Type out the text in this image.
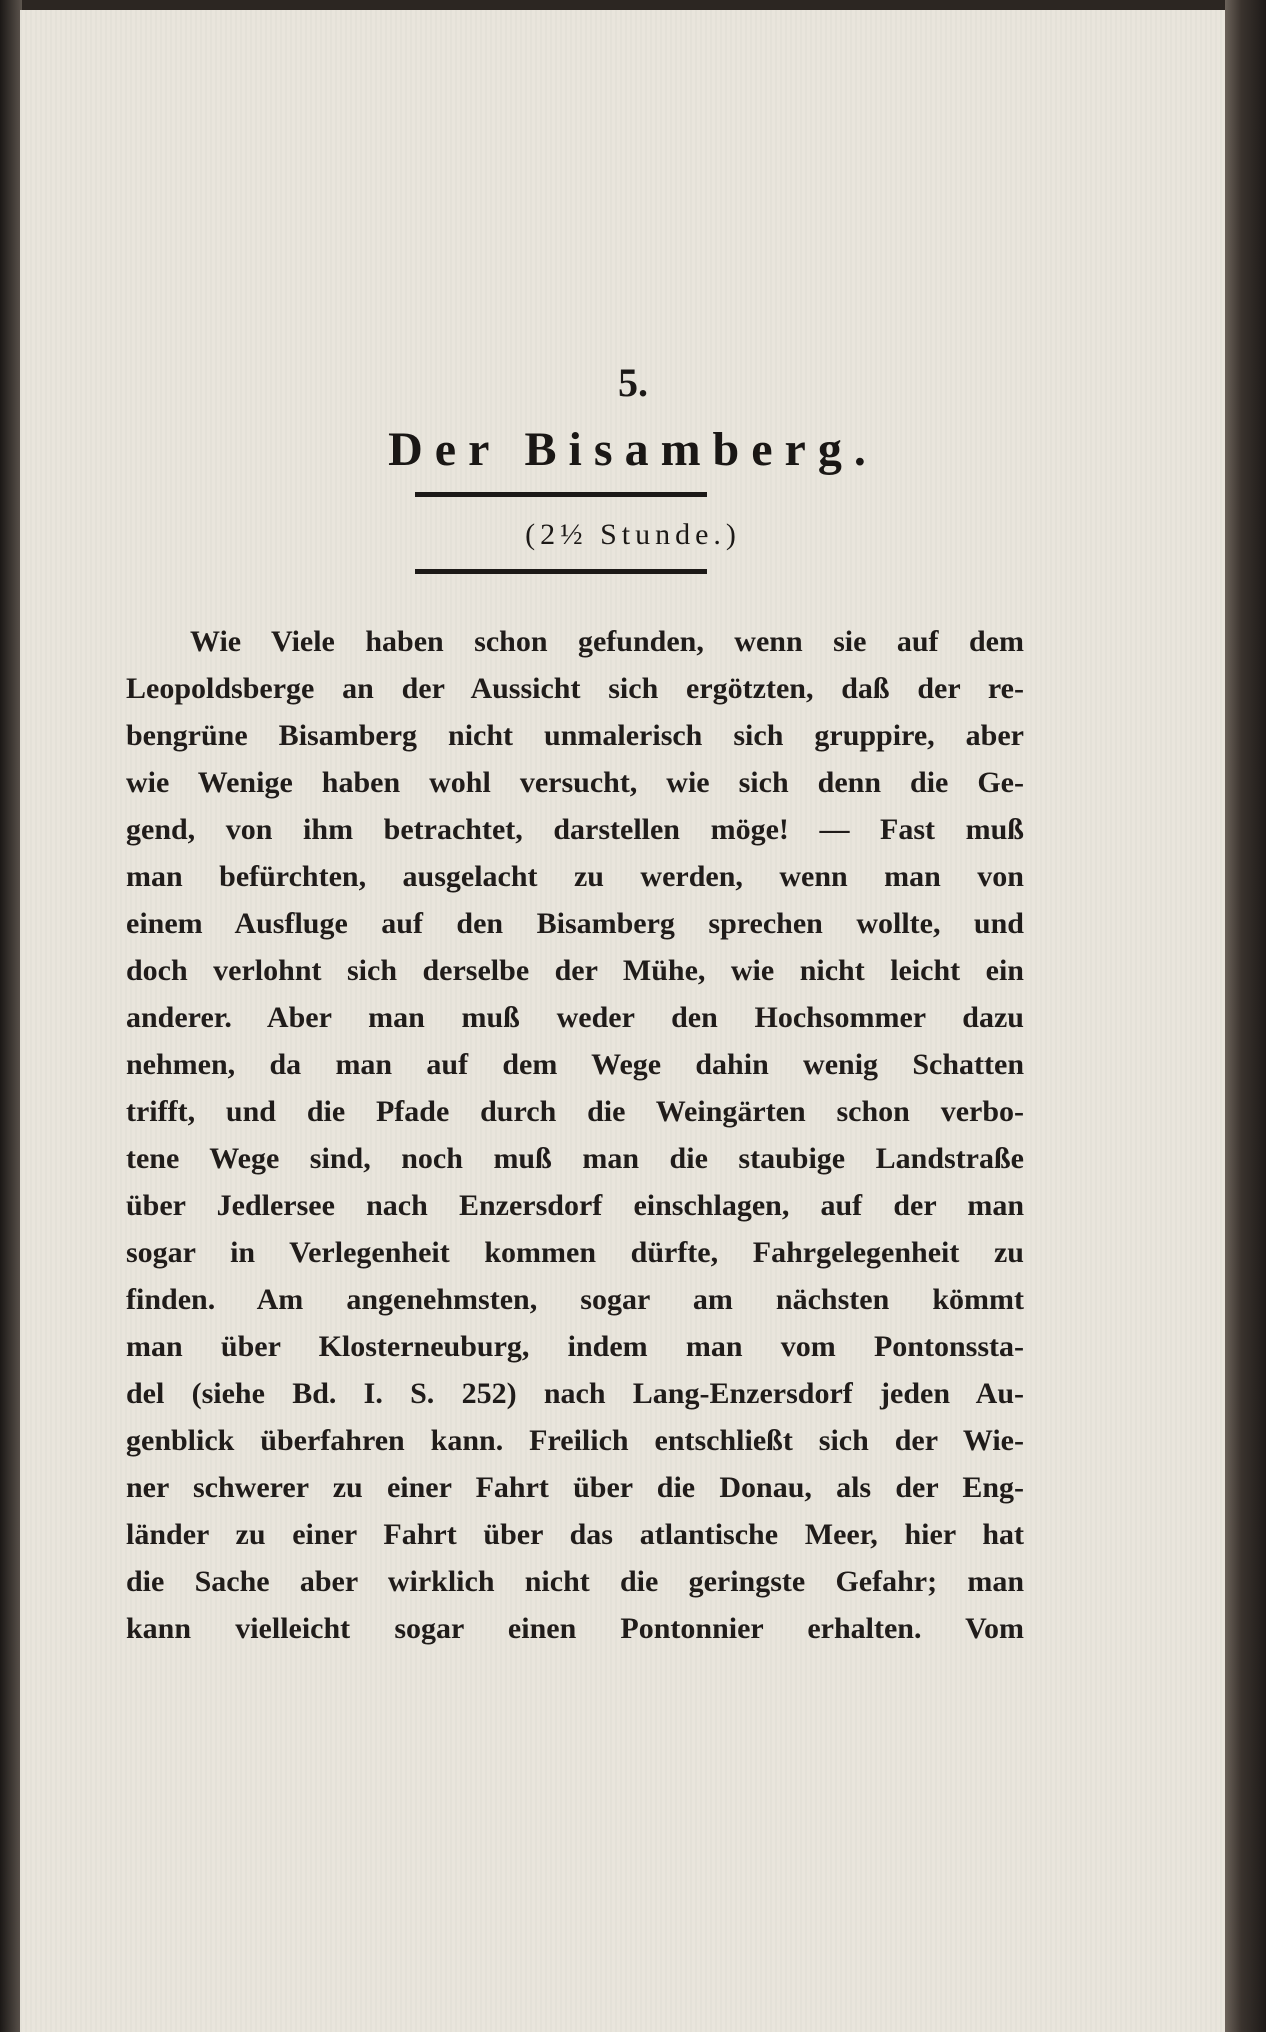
5.
Der Bisamberg.
(2½ Stunde.)
Wie Viele haben schon gefunden, wenn sie auf dem
Leopoldsberge an der Aussicht sich ergötzten, daß der re-
bengrüne Bisamberg nicht unmalerisch sich gruppire, aber
wie Wenige haben wohl versucht, wie sich denn die Ge-
gend, von ihm betrachtet, darstellen möge! — Fast muß
man befürchten, ausgelacht zu werden, wenn man von
einem Ausfluge auf den Bisamberg sprechen wollte, und
doch verlohnt sich derselbe der Mühe, wie nicht leicht ein
anderer. Aber man muß weder den Hochsommer dazu
nehmen, da man auf dem Wege dahin wenig Schatten
trifft, und die Pfade durch die Weingärten schon verbo-
tene Wege sind, noch muß man die staubige Landstraße
über Jedlersee nach Enzersdorf einschlagen, auf der man
sogar in Verlegenheit kommen dürfte, Fahrgelegenheit zu
finden. Am angenehmsten, sogar am nächsten kömmt
man über Klosterneuburg, indem man vom Pontonssta-
del (siehe Bd. I. S. 252) nach Lang-Enzersdorf jeden Au-
genblick überfahren kann. Freilich entschließt sich der Wie-
ner schwerer zu einer Fahrt über die Donau, als der Eng-
länder zu einer Fahrt über das atlantische Meer, hier hat
die Sache aber wirklich nicht die geringste Gefahr; man
kann vielleicht sogar einen Pontonnier erhalten. Vom
